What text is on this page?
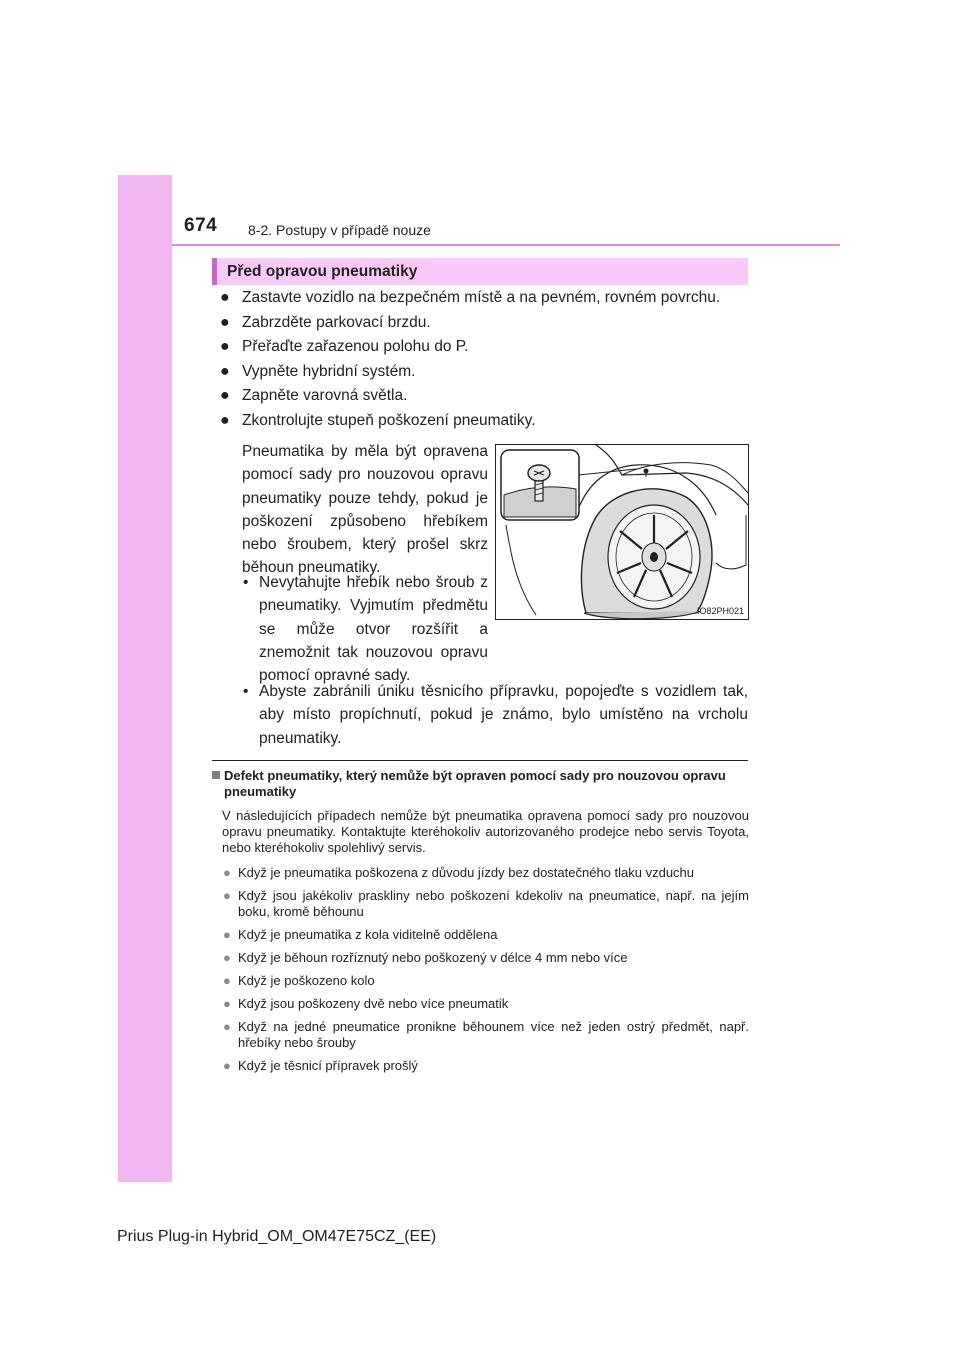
674 8-2. Postupy v případě nouze
Před opravou pneumatiky
● Zastavte vozidlo na bezpečném místě a na pevném, rovném povrchu.
● Zabrzděte parkovací brzdu.
● Přeřaďte zařazenou polohu do P.
● Vypněte hybridní systém.
● Zapněte varovná světla.
● Zkontrolujte stupeň poškození pneumatiky.

Pneumatika by měla být opravena pomocí sady pro nouzovou opravu pneumatiky pouze tehdy, pokud je poškození způsobeno hřebíkem nebo šroubem, který prošel skrz běhoun pneumatiky.

• Nevytahujte hřebík nebo šroub z pneumatiky. Vyjmutím předmětu se může otvor rozšířit a znemožnit tak nouzovou opravu pomocí opravné sady.
• Abyste zabránili úniku těsnicího přípravku, popojeďte s vozidlem tak, aby místo propíchnutí, pokud je známo, bylo umístěno na vrcholu pneumatiky.
IO82PH021

Defekt pneumatiky, který nemůže být opraven pomocí sady pro nouzovou opravu pneumatiky

V následujících případech nemůže být pneumatika opravena pomocí sady pro nouzovou opravu pneumatiky. Kontaktujte kteréhokoliv autorizovaného prodejce nebo servis Toyota, nebo kteréhokoliv spolehlivý servis.

● Když je pneumatika poškozena z důvodu jízdy bez dostatečného tlaku vzduchu
● Když jsou jakékoliv praskliny nebo poškození kdekoliv na pneumatice, např. na jejím boku, kromě běhounu
● Když je pneumatika z kola viditelně oddělena
● Když je běhoun rozříznutý nebo poškozený v délce 4 mm nebo více
● Když je poškozeno kolo
● Když jsou poškozeny dvě nebo více pneumatik
● Když na jedné pneumatice pronikne běhounem více než jeden ostrý předmět, např. hřebíky nebo šrouby
● Když je těsnicí přípravek prošlý
Prius Plug-in Hybrid_OM_OM47E75CZ_(EE)
